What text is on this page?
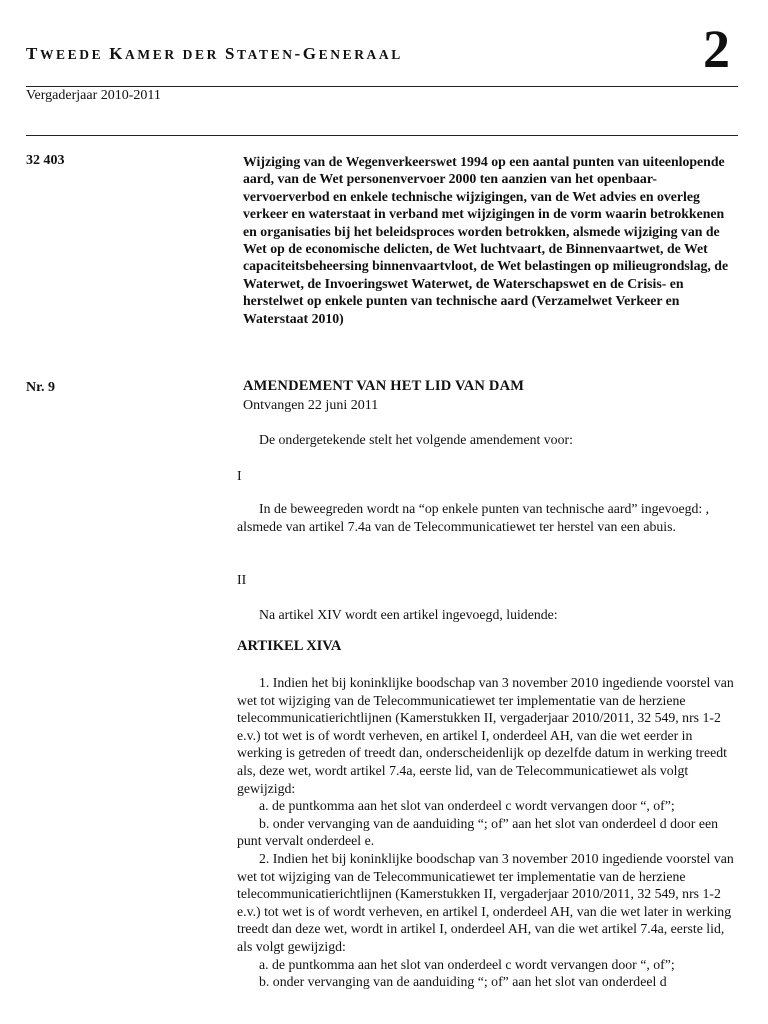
TWEEDE KAMER DER STATEN-GENERAAL	2
Vergaderjaar 2010-2011
32 403	Wijziging van de Wegenverkeerswet 1994 op een aantal punten van uiteenlopende aard, van de Wet personenvervoer 2000 ten aanzien van het openbaar-vervoerverbod en enkele technische wijzigingen, van de Wet advies en overleg verkeer en waterstaat in verband met wijzigingen in de vorm waarin betrokkenen en organisaties bij het beleidsproces worden betrokken, alsmede wijziging van de Wet op de economische delicten, de Wet luchtvaart, de Binnenvaartwet, de Wet capaciteitsbeheersing binnenvaartvloot, de Wet belastingen op milieugrondslag, de Waterwet, de Invoeringswet Waterwet, de Waterschapswet en de Crisis- en herstelwet op enkele punten van technische aard (Verzamelwet Verkeer en Waterstaat 2010)
Nr. 9	AMENDEMENT VAN HET LID VAN DAM
Ontvangen 22 juni 2011
De ondergetekende stelt het volgende amendement voor:
I
In de beweegreden wordt na “op enkele punten van technische aard” ingevoegd: , alsmede van artikel 7.4a van de Telecommunicatiewet ter herstel van een abuis.
II
Na artikel XIV wordt een artikel ingevoegd, luidende:
ARTIKEL XIVA

1. Indien het bij koninklijke boodschap van 3 november 2010 ingediende voorstel van wet tot wijziging van de Telecommunicatiewet ter implementatie van de herziene telecommunicatierichtlijnen (Kamerstukken II, vergaderjaar 2010/2011, 32 549, nrs 1-2 e.v.) tot wet is of wordt verheven, en artikel I, onderdeel AH, van die wet eerder in werking is getreden of treedt dan, onderscheidenlijk op dezelfde datum in werking treedt als, deze wet, wordt artikel 7.4a, eerste lid, van de Telecommunicatiewet als volgt gewijzigd:

a. de puntkomma aan het slot van onderdeel c wordt vervangen door “, of”;

b. onder vervanging van de aanduiding “; of” aan het slot van onderdeel d door een punt vervalt onderdeel e.

2. Indien het bij koninklijke boodschap van 3 november 2010 ingediende voorstel van wet tot wijziging van de Telecommunicatiewet ter implementatie van de herziene telecommunicatierichtlijnen (Kamerstukken II, vergaderjaar 2010/2011, 32 549, nrs 1-2 e.v.) tot wet is of wordt verheven, en artikel I, onderdeel AH, van die wet later in werking treedt dan deze wet, wordt in artikel I, onderdeel AH, van die wet artikel 7.4a, eerste lid, als volgt gewijzigd:

a. de puntkomma aan het slot van onderdeel c wordt vervangen door “, of”;

b. onder vervanging van de aanduiding “; of” aan het slot van onderdeel d
